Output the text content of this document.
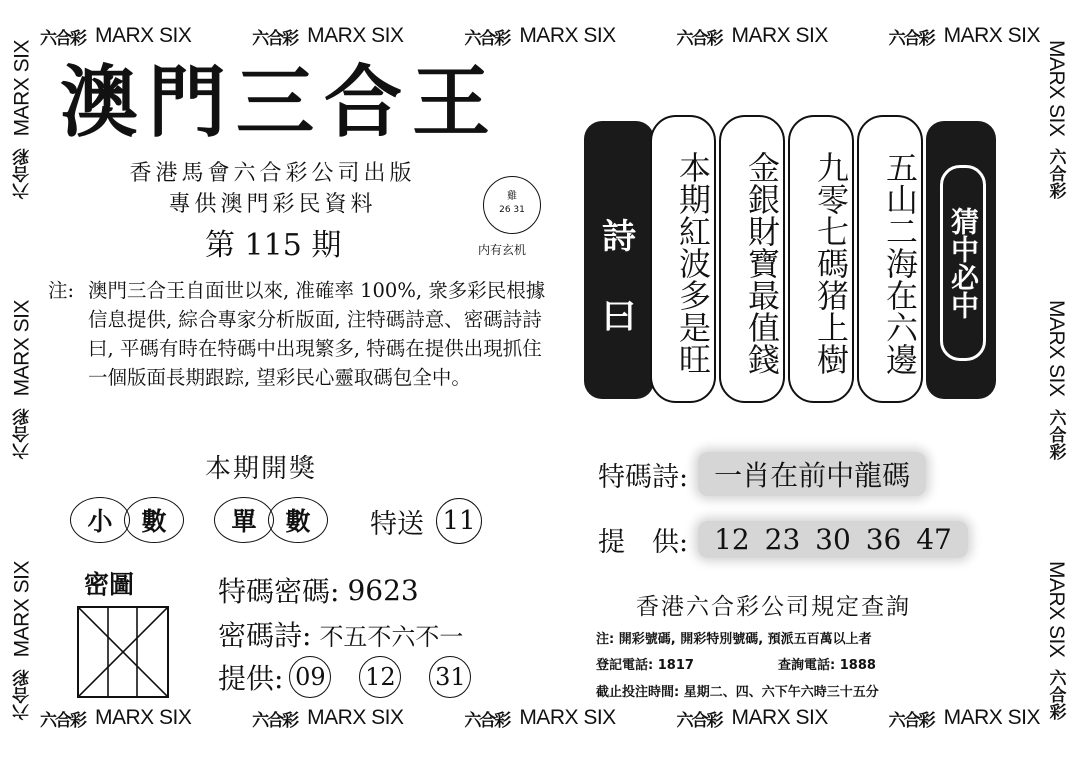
六合彩 MARX SIX	六合彩 MARX SIX	六合彩 MARX SIX	六合彩 MARX SIX	六合彩 MARX SIX
六合彩 MARX SIX	六合彩 MARX SIX	六合彩 MARX SIX	六合彩 MARX SIX	六合彩 MARX SIX
六合彩
MARX SIX
六合彩
MARX SIX
六合彩
MARX SIX
MARX SIX
六合彩
MARX SIX
六合彩
MARX SIX
六合彩
澳 門 三 合 王
香港馬會六合彩公司出版
專供澳門彩民資料	雞
26 31
内有玄机
第 115 期
注: 澳門三合王自面世以來, 准確率 100%, 衆多彩民根據信息提供, 綜合專家分析版面, 注特碼詩意、密碼詩詩曰, 平碼有時在特碼中出現繁多, 特碼在提供出現抓住一個版面長期跟踪, 望彩民心靈取碼包全中。
本期開獎
小	數	單	數	特送 11
密圖	特碼密碼: 9623
密碼詩: 不五不六不一
提供: 09 12 31
詩
曰	猜中必中
本期紅波多是旺 金銀財寶最值錢 九零七碼猪上樹 五山二海在六邊
特碼詩: 一肖在前中龍碼
提　供: 12 23 30 36 47
香港六合彩公司規定查詢
注: 開彩號碼, 開彩特別號碼, 預派五百萬以上者
登記電話: 1817	查詢電話: 1888
截止投注時間: 星期二、四、六下午六時三十五分
